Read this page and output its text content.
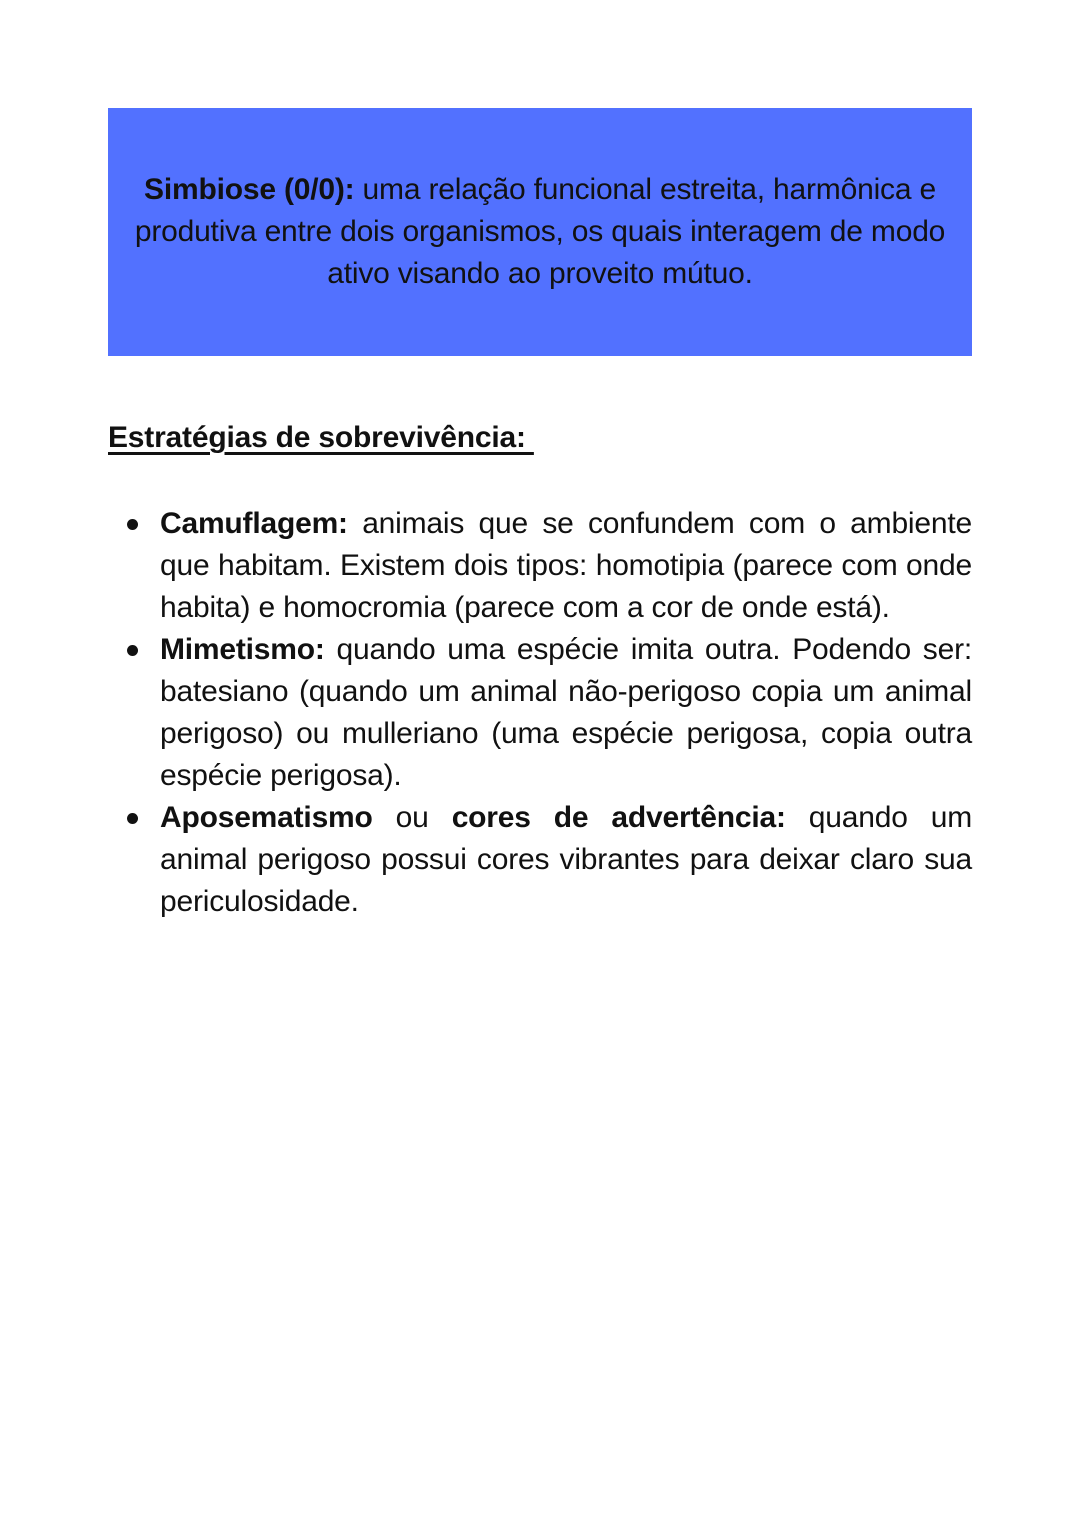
Simbiose (0/0): uma relação funcional estreita, harmônica e produtiva entre dois organismos, os quais interagem de modo ativo visando ao proveito mútuo.

Estratégias de sobrevivência:
Camuflagem: animais que se confundem com o ambiente que habitam. Existem dois tipos: homotipia (parece com onde habita) e homocromia (parece com a cor de onde está).
Mimetismo: quando uma espécie imita outra. Podendo ser: batesiano (quando um animal não-perigoso copia um animal perigoso) ou mulleriano (uma espécie perigosa, copia outra espécie perigosa).
Aposematismo ou cores de advertência: quando um animal perigoso possui cores vibrantes para deixar claro sua periculosidade.
